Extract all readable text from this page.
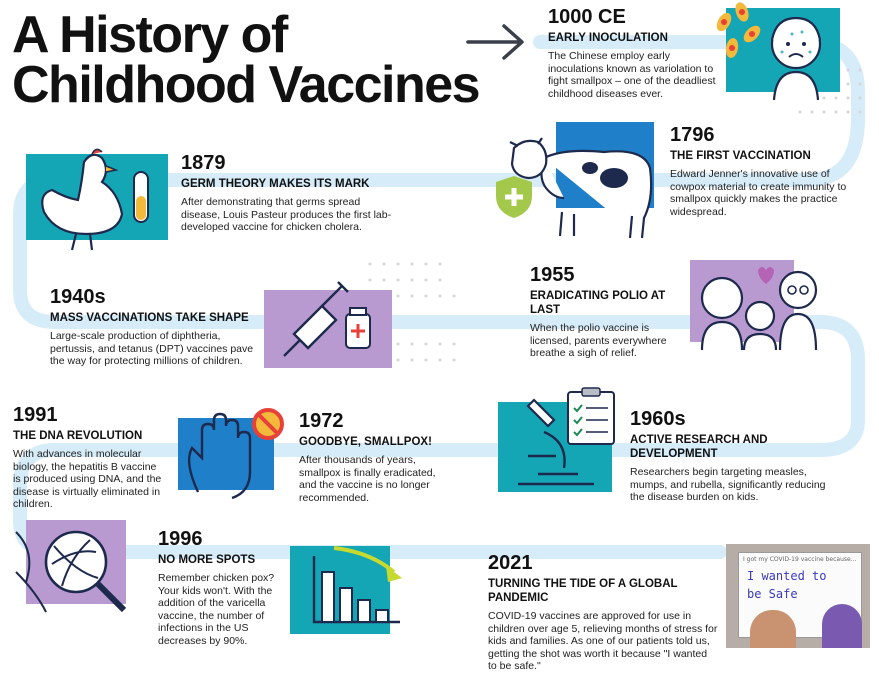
A History of
Childhood Vaccines
1000 CE
EARLY INOCULATION
The Chinese employ early inoculations known as variolation to fight smallpox – one of the deadliest childhood diseases ever.
1796
THE FIRST VACCINATION
Edward Jenner's innovative use of cowpox material to create immunity to smallpox quickly makes the practice widespread.
1879
GERM THEORY MAKES ITS MARK
After demonstrating that germs spread disease, Louis Pasteur produces the first lab-developed vaccine for chicken cholera.
1940s
MASS VACCINATIONS TAKE SHAPE
Large-scale production of diphtheria, pertussis, and tetanus (DPT) vaccines pave the way for protecting millions of children.
1955
ERADICATING POLIO AT LAST
When the polio vaccine is licensed, parents everywhere breathe a sigh of relief.
1960s
ACTIVE RESEARCH AND DEVELOPMENT
Researchers begin targeting measles, mumps, and rubella, significantly reducing the disease burden on kids.
1991
THE DNA REVOLUTION
With advances in molecular biology, the hepatitis B vaccine is produced using DNA, and the disease is virtually eliminated in children.
1972
GOODBYE, SMALLPOX!
After thousands of years, smallpox is finally eradicated, and the vaccine is no longer recommended.
1996
NO MORE SPOTS
Remember chicken pox? Your kids won't. With the addition of the varicella vaccine, the number of infections in the US decreases by 90%.
2021
TURNING THE TIDE OF A GLOBAL PANDEMIC
COVID-19 vaccines are approved for use in children over age 5, relieving months of stress for kids and families. As one of our patients told us, getting the shot was worth it because "I wanted to be safe."
I got my COVID-19 vaccine because...
I wanted to be Safe
